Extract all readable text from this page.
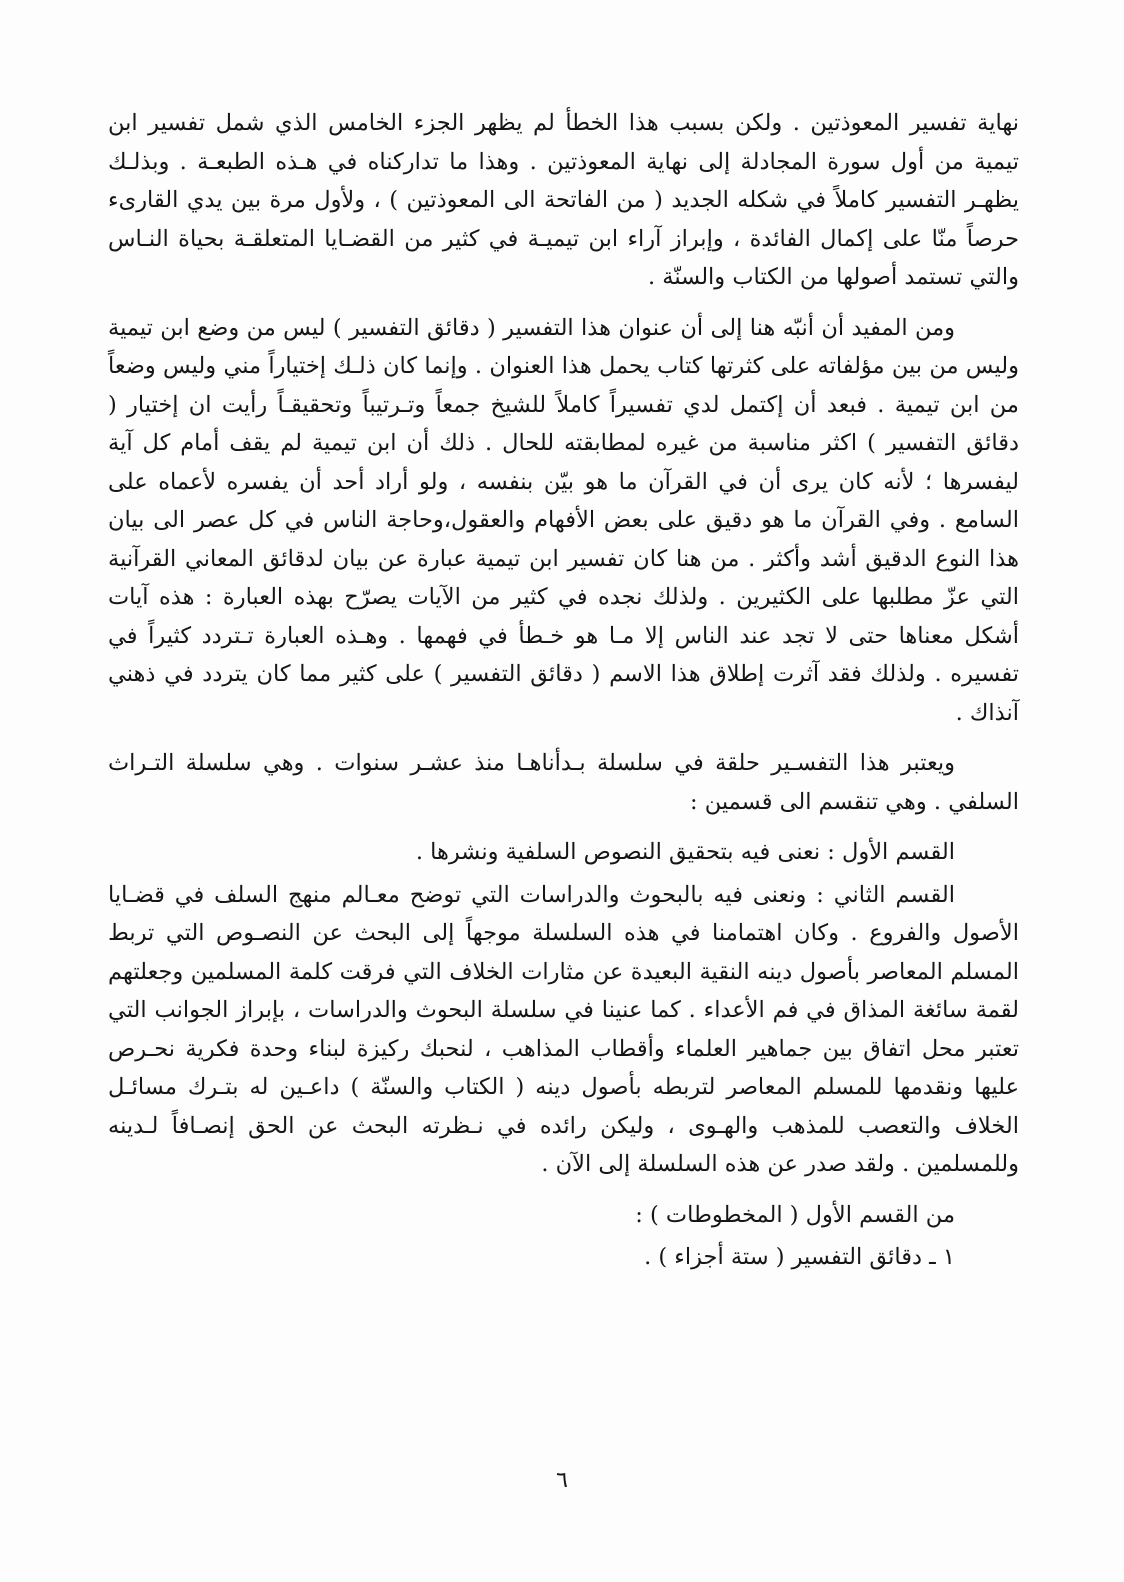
نهاية تفسير المعوذتين . ولكن بسبب هذا الخطأ لم يظهر الجزء الخامس الذي شمل تفسير ابن تيمية من أول سورة المجادلة إلى نهاية المعوذتين . وهذا ما تداركناه في هـذه الطبعـة . وبذلـك يظهـر التفسير كاملاً في شكله الجديد ( من الفاتحة الى المعوذتين ) ، ولأول مرة بين يدي القارىء حرصاً منّا على إكمال الفائدة ، وإبراز آراء ابن تيميـة في كثير من القضـايا المتعلقـة بحياة النـاس والتي تستمد أصولها من الكتاب والسنّة .

ومن المفيد أن أنبّه هنا إلى أن عنوان هذا التفسير ( دقائق التفسير ) ليس من وضع ابن تيمية وليس من بين مؤلفاته على كثرتها كتاب يحمل هذا العنوان . وإنما كان ذلـك إختياراً مني وليس وضعاً من ابن تيمية . فبعد أن إكتمل لدي تفسيراً كاملاً للشيخ جمعاً وتـرتيباً وتحقيقـاً رأيت ان إختيار ( دقائق التفسير ) اكثر مناسبة من غيره لمطابقته للحال . ذلك أن ابن تيمية لم يقف أمام كل آية ليفسرها ؛ لأنه كان يرى أن في القرآن ما هو بيّن بنفسه ، ولو أراد أحد أن يفسره لأعماه على السامع . وفي القرآن ما هو دقيق على بعض الأفهام والعقول،وحاجة الناس في كل عصر الى بيان هذا النوع الدقيق أشد وأكثر . من هنا كان تفسير ابن تيمية عبارة عن بيان لدقائق المعاني القرآنية التي عزّ مطلبها على الكثيرين . ولذلك نجده في كثير من الآيات يصرّح بهذه العبارة : هذه آيات أشكل معناها حتى لا تجد عند الناس إلا مـا هو خـطأ في فهمها . وهـذه العبارة تـتردد كثيراً في تفسيره . ولذلك فقد آثرت إطلاق هذا الاسم ( دقائق التفسير ) على كثير مما كان يتردد في ذهني آنذاك .

ويعتبر هذا التفسـير حلقة في سلسلة بـدأناهـا منذ عشـر سنوات . وهي سلسلة التـراث السلفي . وهي تنقسم الى قسمين :

القسم الأول : نعنى فيه بتحقيق النصوص السلفية ونشرها .

القسم الثاني : ونعنى فيه بالبحوث والدراسات التي توضح معـالم منهج السلف في قضـايا الأصول والفروع . وكان اهتمامنا في هذه السلسلة موجهاً إلى البحث عن النصـوص التي تربط المسلم المعاصر بأصول دينه النقية البعيدة عن مثارات الخلاف التي فرقت كلمة المسلمين وجعلتهم لقمة سائغة المذاق في فم الأعداء . كما عنينا في سلسلة البحوث والدراسات ، بإبراز الجوانب التي تعتبر محل اتفاق بين جماهير العلماء وأقطاب المذاهب ، لنحبك ركيزة لبناء وحدة فكرية نحـرص عليها ونقدمها للمسلم المعاصر لتربطه بأصول دينه ( الكتاب والسنّة ) داعـين له بتـرك مسائـل الخلاف والتعصب للمذهب والهـوى ، وليكن رائده في نـظرته البحث عن الحق إنصـافاً لـدينه وللمسلمين . ولقد صدر عن هذه السلسلة إلى الآن .

من القسم الأول ( المخطوطات ) :

١ ـ دقائق التفسير ( ستة أجزاء ) .

٦
